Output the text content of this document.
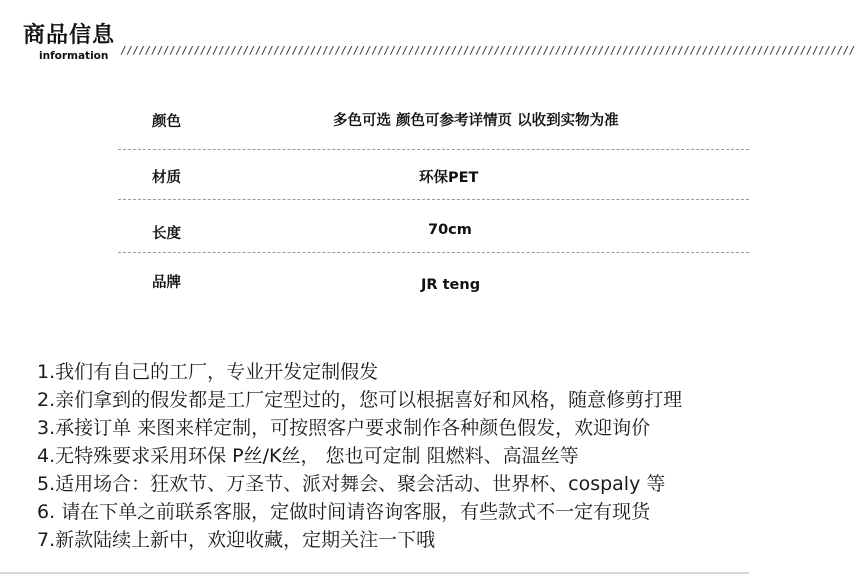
商品信息
information ////////////////////////////////////////////////////////////////////////////////////////////////////////////////////////
颜色	多色可选 颜色可参考详情页 以收到实物为准
材质	环保PET
长度	70cm
品牌	JR teng
1.我们有自己的工厂，专业开发定制假发
2.亲们拿到的假发都是工厂定型过的，您可以根据喜好和风格，随意修剪打理
3.承接订单 来图来样定制，可按照客户要求制作各种颜色假发，欢迎询价
4.无特殊要求采用环保 P丝/K丝， 您也可定制 阻燃料、高温丝等
5.适用场合：狂欢节、万圣节、派对舞会、聚会活动、世界杯、cospaly 等
6. 请在下单之前联系客服，定做时间请咨询客服，有些款式不一定有现货
7.新款陆续上新中，欢迎收藏，定期关注一下哦
